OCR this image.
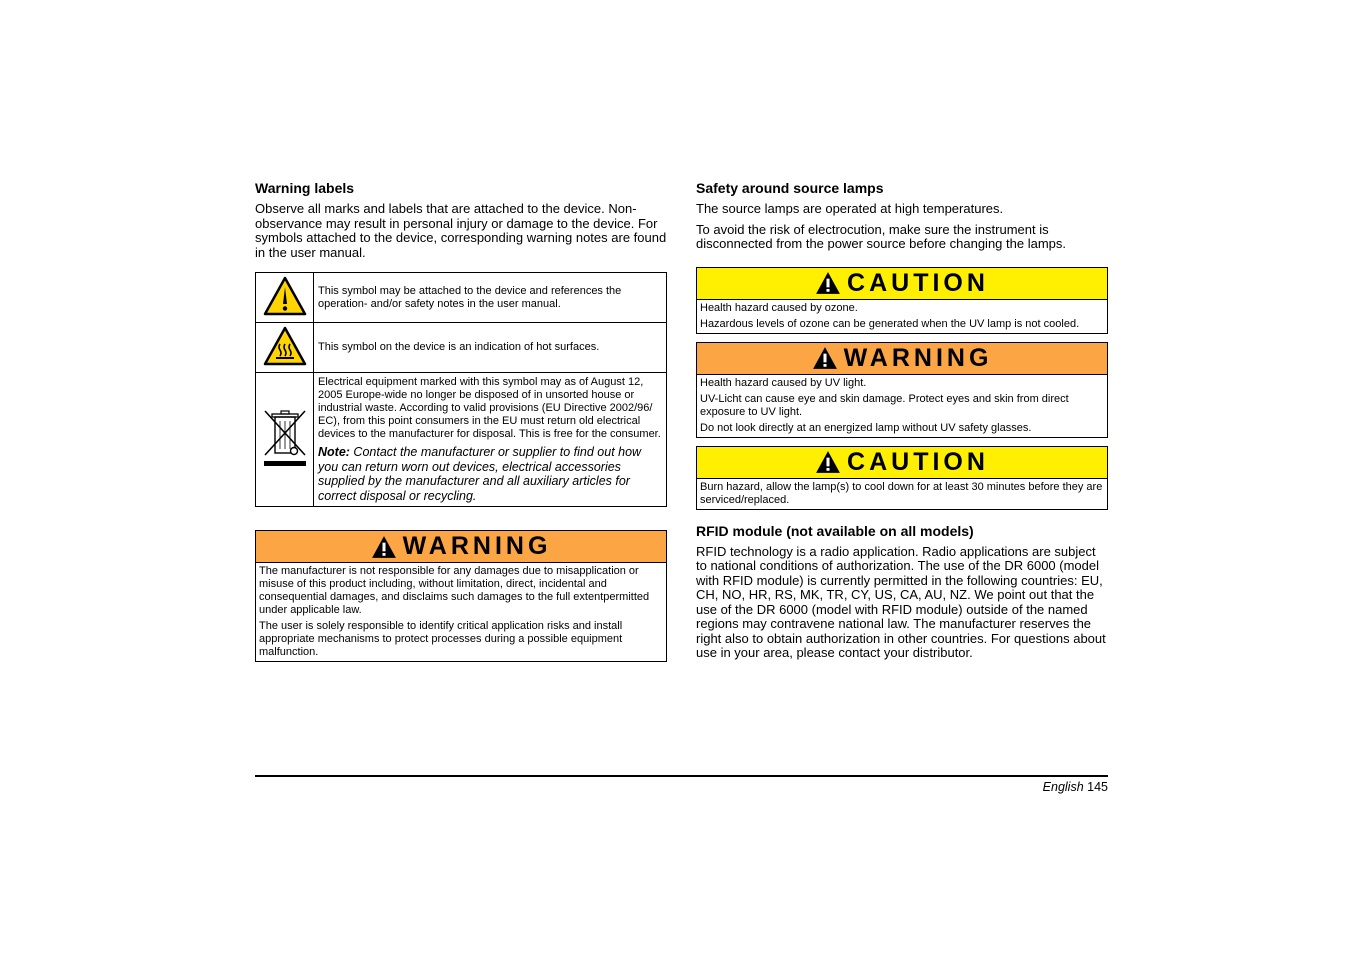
Warning labels

Observe all marks and labels that are attached to the device. Non-observance may result in personal injury or damage to the device. For symbols attached to the device, corresponding warning notes are found in the user manual.

	This symbol may be attached to the device and references the operation- and/or safety notes in the user manual.
	This symbol on the device is an indication of hot surfaces.

Electrical equipment marked with this symbol may as of August 12, 2005 Europe-wide no longer be disposed of in unsorted house or industrial waste. According to valid provisions (EU Directive 2002/96/ EC), from this point consumers in the EU must return old electrical devices to the manufacturer for disposal. This is free for the consumer.
Note: Contact the manufacturer or supplier to find out how you can return worn out devices, electrical accessories supplied by the manufacturer and all auxiliary articles for correct disposal or recycling.
WARNING
The manufacturer is not responsible for any damages due to misapplication or misuse of this product including, without limitation, direct, incidental and consequential damages, and disclaims such damages to the full extentpermitted under applicable law.
The user is solely responsible to identify critical application risks and install appropriate mechanisms to protect processes during a possible equipment malfunction.
Safety around source lamps

The source lamps are operated at high temperatures.

To avoid the risk of electrocution, make sure the instrument is disconnected from the power source before changing the lamps.

CAUTION
Health hazard caused by ozone.
Hazardous levels of ozone can be generated when the UV lamp is not cooled.
WARNING
Health hazard caused by UV light.
UV-Licht can cause eye and skin damage. Protect eyes and skin from direct exposure to UV light.
Do not look directly at an energized lamp without UV safety glasses.
CAUTION
Burn hazard, allow the lamp(s) to cool down for at least 30 minutes before they are serviced/replaced.
RFID module (not available on all models)

RFID technology is a radio application. Radio applications are subject to national conditions of authorization. The use of the DR 6000 (model with RFID module) is currently permitted in the following countries: EU, CH, NO, HR, RS, MK, TR, CY, US, CA, AU, NZ. We point out that the use of the DR 6000 (model with RFID module) outside of the named regions may contravene national law. The manufacturer reserves the right also to obtain authorization in other countries. For questions about use in your area, please contact your distributor.

English 145
